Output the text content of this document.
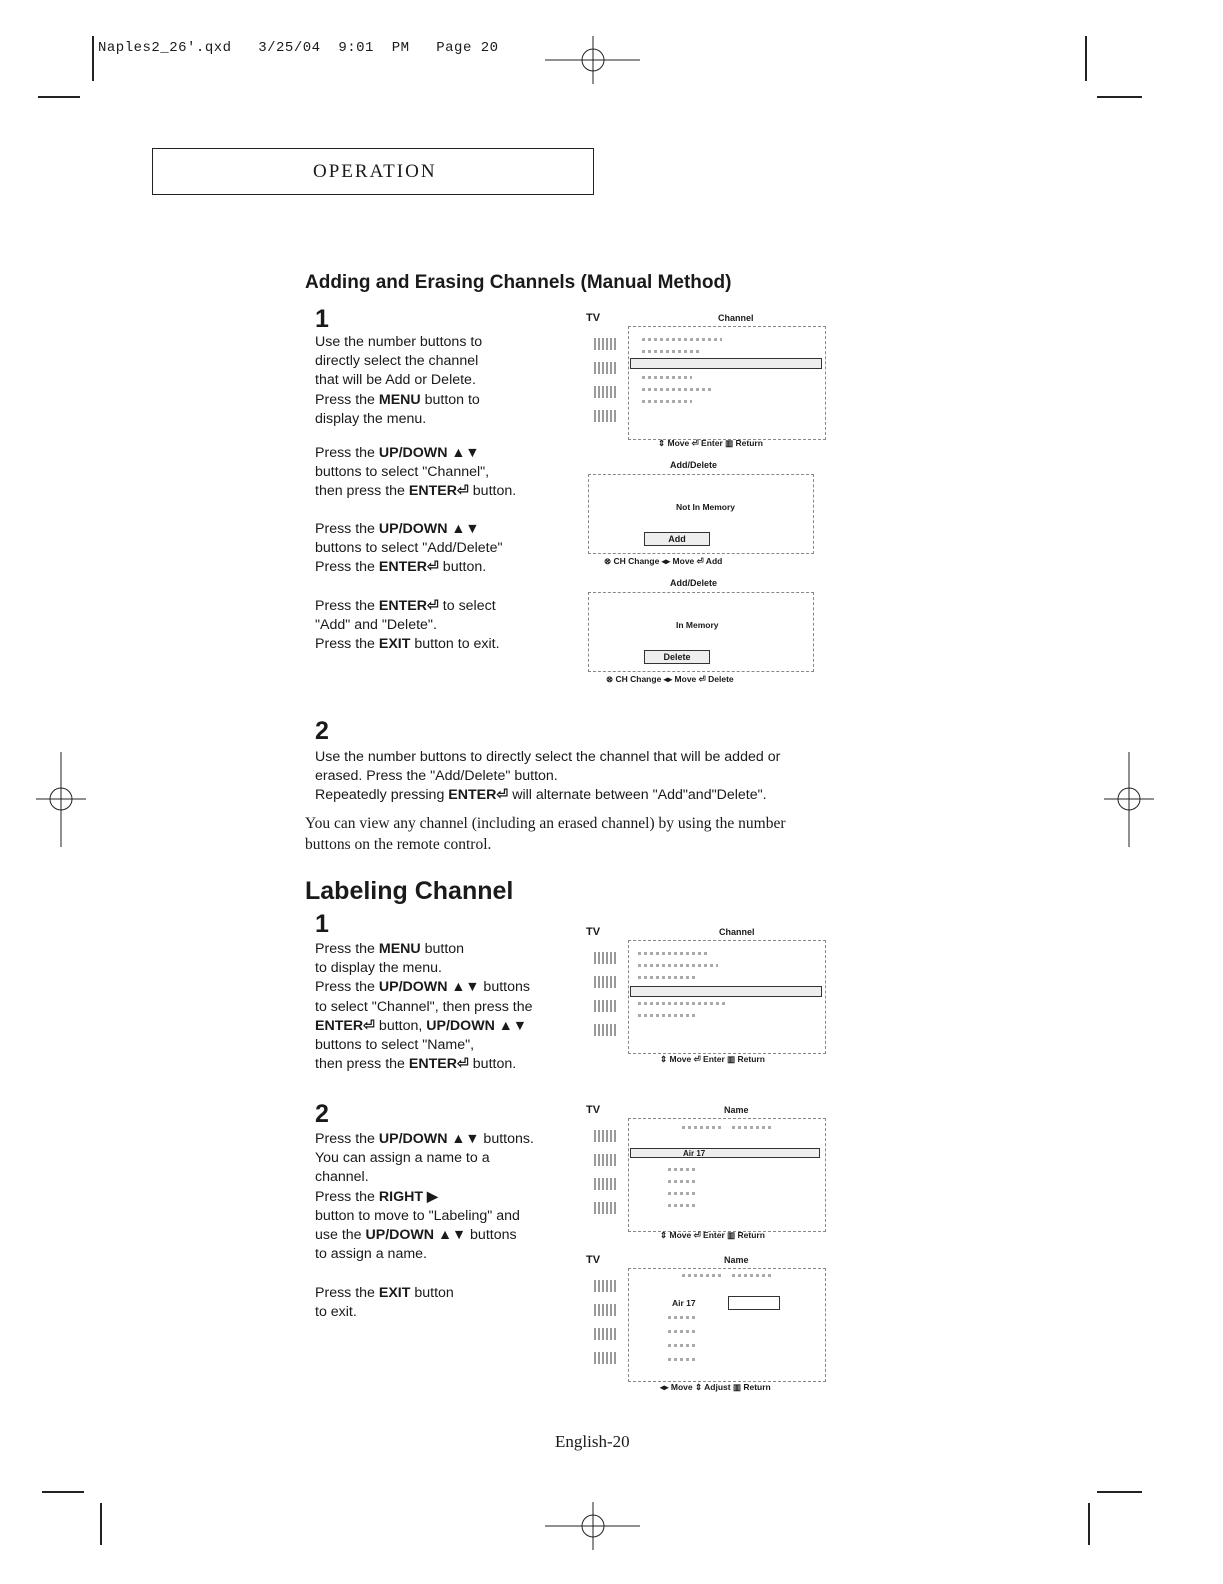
Naples2_26'.qxd   3/25/04  9:01  PM   Page 20
OPERATION
Adding and Erasing Channels (Manual Method)
1
Use the number buttons to
directly select the channel
that will be Add or Delete.
Press the MENU button to
display the menu.
Press the UP/DOWN ▲▼
buttons to select "Channel",
then press the ENTER⏎ button.
Press the UP/DOWN ▲▼
buttons to select "Add/Delete"
Press the ENTER⏎ button.
Press the ENTER⏎ to select
"Add" and "Delete".
Press the EXIT button to exit.
2
Use the number buttons to directly select the channel that will be added or
erased. Press the "Add/Delete" button.
Repeatedly pressing ENTER⏎ will alternate between "Add"and"Delete".
You can view any channel (including an erased channel) by using the number
buttons on the remote control.
TV	Channel
⇕ Move ⏎ Enter ▥ Return
Add/Delete
Not In Memory
Add
⊗ CH Change ◂▸ Move ⏎ Add
Add/Delete
In Memory
Delete
⊗ CH Change ◂▸ Move ⏎ Delete
Labeling Channel
1
Press the MENU button
to display the menu.
Press the UP/DOWN ▲▼ buttons
to select "Channel", then press the
ENTER⏎ button, UP/DOWN ▲▼
buttons to select "Name",
then press the ENTER⏎ button.
2
Press the UP/DOWN ▲▼ buttons.
You can assign a name to a
channel.
Press the RIGHT ▶
button to move to "Labeling" and
use the UP/DOWN ▲▼ buttons
to assign a name.
Press the EXIT button
to exit.
TV	Channel
⇕ Move ⏎ Enter ▥ Return
TV	Name
Air 17
⇕ Move ⏎ Enter ▥ Return
TV	Name
Air 17
◂▸ Move ⇕ Adjust ▥ Return
English-20
